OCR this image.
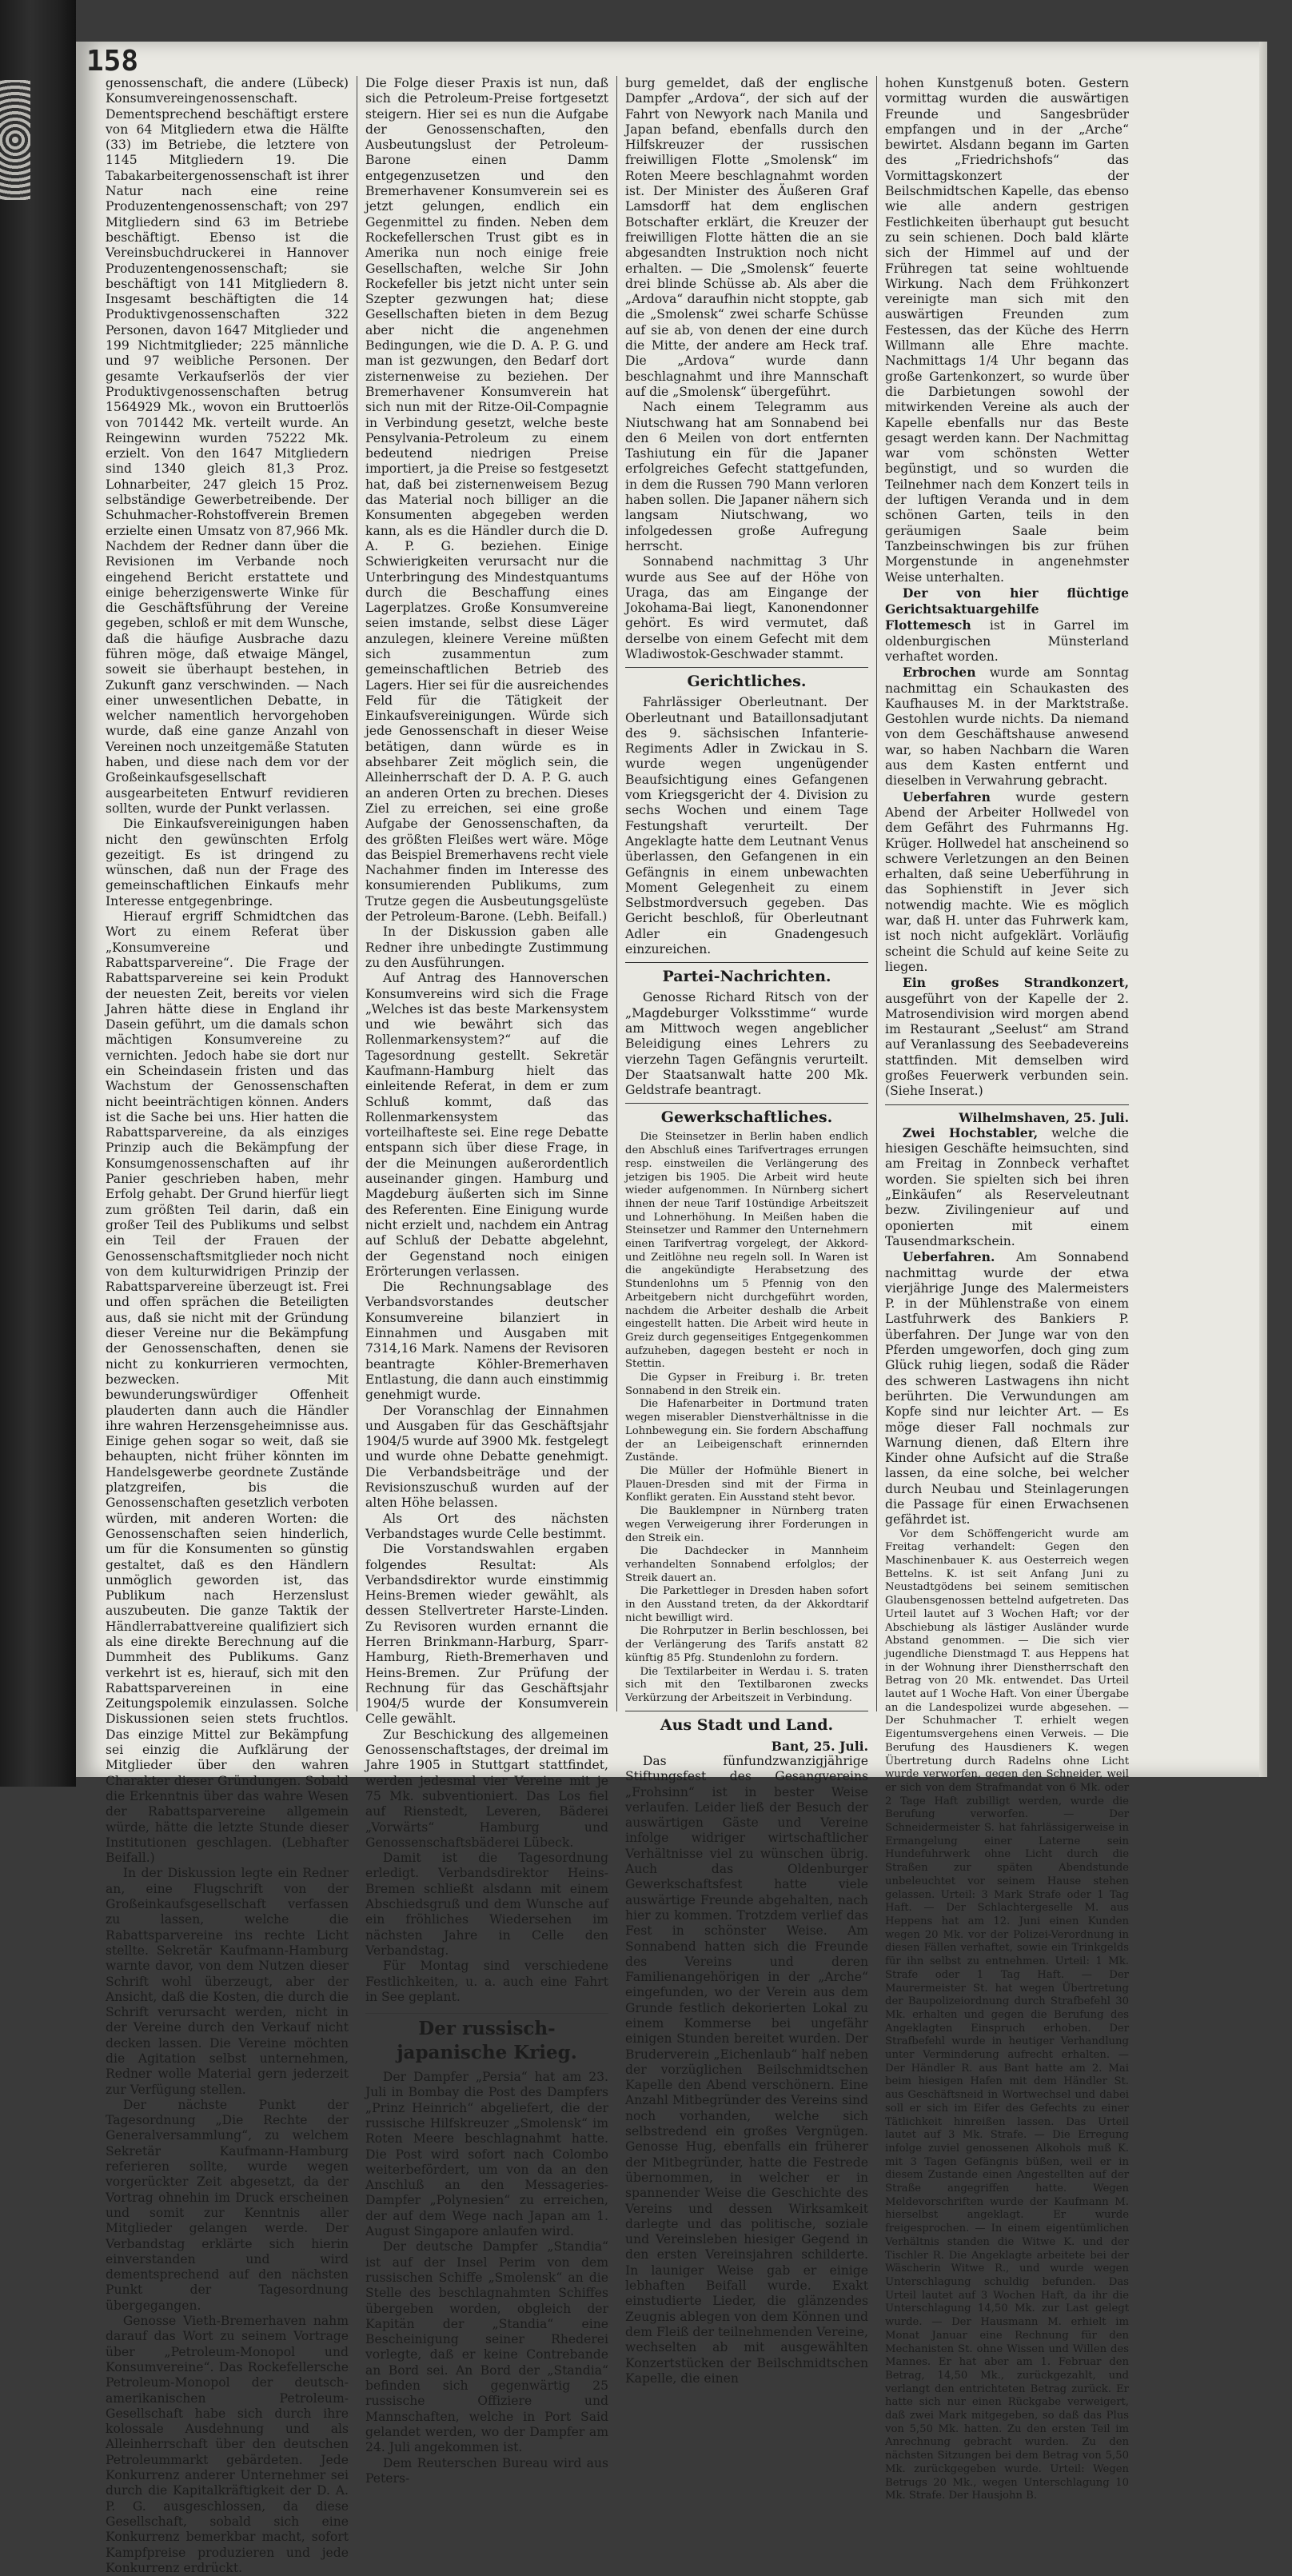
158

genossenschaft, die andere (Lübeck) Konsumvereingenossenschaft. Dementsprechend beschäftigt erstere von 64 Mitgliedern etwa die Hälfte (33) im Betriebe, die letztere von 1145 Mitgliedern 19. Die Tabakarbeitergenossenschaft ist ihrer Natur nach eine reine Produzentengenossenschaft; von 297 Mitgliedern sind 63 im Betriebe beschäftigt. Ebenso ist die Vereinsbuchdruckerei in Hannover Produzentengenossenschaft; sie beschäftigt von 141 Mitgliedern 8. Insgesamt beschäftigten die 14 Produktivgenossenschaften 322 Personen, davon 1647 Mitglieder und 199 Nichtmitglieder; 225 männliche und 97 weibliche Personen. Der gesamte Verkaufserlös der vier Produktivgenossenschaften betrug 1564929 Mk., wovon ein Bruttoerlös von 701442 Mk. verteilt wurde. An Reingewinn wurden 75222 Mk. erzielt. Von den 1647 Mitgliedern sind 1340 gleich 81,3 Proz. Lohnarbeiter, 247 gleich 15 Proz. selbständige Gewerbetreibende. Der Schuhmacher-Rohstoffverein Bremen erzielte einen Umsatz von 87,966 Mk. Nachdem der Redner dann über die Revisionen im Verbande noch eingehend Bericht erstattete und einige beherzigenswerte Winke für die Geschäftsführung der Vereine gegeben, schloß er mit dem Wunsche, daß die häufige Ausbrache dazu führen möge, daß etwaige Mängel, soweit sie überhaupt bestehen, in Zukunft ganz verschwinden. — Nach einer unwesentlichen Debatte, in welcher namentlich hervorgehoben wurde, daß eine ganze Anzahl von Vereinen noch unzeitgemäße Statuten haben, und diese nach dem vor der Großeinkaufsgesellschaft ausgearbeiteten Entwurf revidieren sollten, wurde der Punkt verlassen.

Die Einkaufsvereinigungen haben nicht den gewünschten Erfolg gezeitigt. Es ist dringend zu wünschen, daß nun der Frage des gemeinschaftlichen Einkaufs mehr Interesse entgegenbringe.

Hierauf ergriff Schmidtchen das Wort zu einem Referat über „Konsumvereine und Rabattsparvereine“. Die Frage der Rabattsparvereine sei kein Produkt der neuesten Zeit, bereits vor vielen Jahren hätte diese in England ihr Dasein geführt, um die damals schon mächtigen Konsumvereine zu vernichten. Jedoch habe sie dort nur ein Scheindasein fristen und das Wachstum der Genossenschaften nicht beeinträchtigen können. Anders ist die Sache bei uns. Hier hatten die Rabattsparvereine, da als einziges Prinzip auch die Bekämpfung der Konsumgenossenschaften auf ihr Panier geschrieben haben, mehr Erfolg gehabt. Der Grund hierfür liegt zum größten Teil darin, daß ein großer Teil des Publikums und selbst ein Teil der Frauen der Genossenschaftsmitglieder noch nicht von dem kulturwidrigen Prinzip der Rabattsparvereine überzeugt ist. Frei und offen sprächen die Beteiligten aus, daß sie nicht mit der Gründung dieser Vereine nur die Bekämpfung der Genossenschaften, denen sie nicht zu konkurrieren vermochten, bezwecken. Mit bewunderungswürdiger Offenheit plauderten dann auch die Händler ihre wahren Herzensgeheimnisse aus. Einige gehen sogar so weit, daß sie behaupten, nicht früher könnten im Handelsgewerbe geordnete Zustände platzgreifen, bis die Genossenschaften gesetzlich verboten würden, mit anderen Worten: die Genossenschaften seien hinderlich, um für die Konsumenten so günstig gestaltet, daß es den Händlern unmöglich geworden ist, das Publikum nach Herzenslust auszubeuten. Die ganze Taktik der Händlerrabattvereine qualifiziert sich als eine direkte Berechnung auf die Dummheit des Publikums. Ganz verkehrt ist es, hierauf, sich mit den Rabattsparvereinen in eine Zeitungspolemik einzulassen. Solche Diskussionen seien stets fruchtlos. Das einzige Mittel zur Bekämpfung sei einzig die Aufklärung der Mitglieder über den wahren Charakter dieser Gründungen. Sobald die Erkenntnis über das wahre Wesen der Rabattsparvereine allgemein würde, hätte die letzte Stunde dieser Institutionen geschlagen. (Lebhafter Beifall.)

In der Diskussion legte ein Redner an, eine Flugschrift von der Großeinkaufsgesellschaft verfassen zu lassen, welche die Rabattsparvereine ins rechte Licht stellte. Sekretär Kaufmann-Hamburg warnte davor, von dem Nutzen dieser Schrift wohl überzeugt, aber der Ansicht, daß die Kosten, die durch die Schrift verursacht werden, nicht in der Vereine durch den Verkauf nicht decken lassen. Die Vereine möchten die Agitation selbst unternehmen, Redner wolle Material gern jederzeit zur Verfügung stellen.

Der nächste Punkt der Tagesordnung „Die Rechte der Generalversammlung“, zu welchem Sekretär Kaufmann-Hamburg referieren sollte, wurde wegen vorgerückter Zeit abgesetzt, da der Vortrag ohnehin im Druck erscheinen und somit zur Kenntnis aller Mitglieder gelangen werde. Der Verbandstag erklärte sich hierin einverstanden und wird dementsprechend auf den nächsten Punkt der Tagesordnung übergegangen.

Genosse Vieth-Bremerhaven nahm darauf das Wort zu seinem Vortrage über „Petroleum-Monopol und Konsumvereine“. Das Rockefellersche Petroleum-Monopol der deutsch-amerikanischen Petroleum-Gesellschaft habe sich durch ihre kolossale Ausdehnung und als Alleinherrschaft über den deutschen Petroleummarkt gebärdeten. Jede Konkurrenz anderer Unternehmer sei durch die Kapitalkräftigkeit der D. A. P. G. ausgeschlossen, da diese Gesellschaft, sobald sich eine Konkurrenz bemerkbar macht, sofort Kampfpreise produzieren und jede Konkurrenz erdrückt.

Die Folge dieser Praxis ist nun, daß sich die Petroleum-Preise fortgesetzt steigern. Hier sei es nun die Aufgabe der Genossenschaften, den Ausbeutungslust der Petroleum-Barone einen Damm entgegenzusetzen und den Bremerhavener Konsumverein sei es jetzt gelungen, endlich ein Gegenmittel zu finden. Neben dem Rockefellerschen Trust gibt es in Amerika nun noch einige freie Gesellschaften, welche Sir John Rockefeller bis jetzt nicht unter sein Szepter gezwungen hat; diese Gesellschaften bieten in dem Bezug aber nicht die angenehmen Bedingungen, wie die D. A. P. G. und man ist gezwungen, den Bedarf dort zisternenweise zu beziehen. Der Bremerhavener Konsumverein hat sich nun mit der Ritze-Oil-Compagnie in Verbindung gesetzt, welche beste Pensylvania-Petroleum zu einem bedeutend niedrigen Preise importiert, ja die Preise so festgesetzt hat, daß bei zisternenweisem Bezug das Material noch billiger an die Konsumenten abgegeben werden kann, als es die Händler durch die D. A. P. G. beziehen. Einige Schwierigkeiten verursacht nur die Unterbringung des Mindestquantums durch die Beschaffung eines Lagerplatzes. Große Konsumvereine seien imstande, selbst diese Läger anzulegen, kleinere Vereine müßten sich zusammentun zum gemeinschaftlichen Betrieb des Lagers. Hier sei für die ausreichendes Feld für die Tätigkeit der Einkaufsvereinigungen. Würde sich jede Genossenschaft in dieser Weise betätigen, dann würde es in absehbarer Zeit möglich sein, die Alleinherrschaft der D. A. P. G. auch an anderen Orten zu brechen. Dieses Ziel zu erreichen, sei eine große Aufgabe der Genossenschaften, da des größten Fleißes wert wäre. Möge das Beispiel Bremerhavens recht viele Nachahmer finden im Interesse des konsumierenden Publikums, zum Trutze gegen die Ausbeutungsgelüste der Petroleum-Barone. (Lebh. Beifall.)

In der Diskussion gaben alle Redner ihre unbedingte Zustimmung zu den Ausführungen.

Auf Antrag des Hannoverschen Konsumvereins wird sich die Frage „Welches ist das beste Markensystem und wie bewährt sich das Rollenmarkensystem?“ auf die Tagesordnung gestellt. Sekretär Kaufmann-Hamburg hielt das einleitende Referat, in dem er zum Schluß kommt, daß das Rollenmarkensystem das vorteilhafteste sei. Eine rege Debatte entspann sich über diese Frage, in der die Meinungen außerordentlich auseinander gingen. Hamburg und Magdeburg äußerten sich im Sinne des Referenten. Eine Einigung wurde nicht erzielt und, nachdem ein Antrag auf Schluß der Debatte abgelehnt, der Gegenstand noch einigen Erörterungen verlassen.

Die Rechnungsablage des Verbandsvorstandes deutscher Konsumvereine bilanziert in Einnahmen und Ausgaben mit 7314,16 Mark. Namens der Revisoren beantragte Köhler-Bremerhaven Entlastung, die dann auch einstimmig genehmigt wurde.

Der Voranschlag der Einnahmen und Ausgaben für das Geschäftsjahr 1904/5 wurde auf 3900 Mk. festgelegt und wurde ohne Debatte genehmigt. Die Verbandsbeiträge und der Revisionszuschuß wurden auf der alten Höhe belassen.

Als Ort des nächsten Verbandstages wurde Celle bestimmt.

Die Vorstandswahlen ergaben folgendes Resultat: Als Verbandsdirektor wurde einstimmig Heins-Bremen wieder gewählt, als dessen Stellvertreter Harste-Linden. Zu Revisoren wurden ernannt die Herren Brinkmann-Harburg, Sparr-Hamburg, Rieth-Bremerhaven und Heins-Bremen. Zur Prüfung der Rechnung für das Geschäftsjahr 1904/5 wurde der Konsumverein Celle gewählt.

Zur Beschickung des allgemeinen Genossenschaftstages, der dreimal im Jahre 1905 in Stuttgart stattfindet, werden jedesmal vier Vereine mit je 75 Mk. subventioniert. Das Los fiel auf Rienstedt, Leveren, Bäderei „Vorwärts“ Hamburg und Genossenschaftsbäderei Lübeck.

Damit ist die Tagesordnung erledigt. Verbandsdirektor Heins-Bremen schließt alsdann mit einem Abschiedsgruß und dem Wunsche auf ein fröhliches Wiedersehen im nächsten Jahre in Celle den Verbandstag.

Für Montag sind verschiedene Festlichkeiten, u. a. auch eine Fahrt in See geplant.

Der russisch-japanische Krieg.

Der Dampfer „Persia“ hat am 23. Juli in Bombay die Post des Dampfers „Prinz Heinrich“ abgeliefert, die der russische Hilfskreuzer „Smolensk“ im Roten Meere beschlagnahmt hatte. Die Post wird sofort nach Colombo weiterbefördert, um von da an den Anschluß an den Messageries-Dampfer „Polynesien“ zu erreichen, der auf dem Wege nach Japan am 1. August Singapore anlaufen wird.

Der deutsche Dampfer „Standia“ ist auf der Insel Perim von dem russischen Schiffe „Smolensk“ an die Stelle des beschlagnahmten Schiffes übergeben worden, obgleich der Kapitän der „Standia“ eine Bescheinigung seiner Rhederei vorlegte, daß er keine Contrebande an Bord sei. An Bord der „Standia“ befinden sich gegenwärtig 25 russische Offiziere und Mannschaften, welche in Port Said gelandet werden, wo der Dampfer am 24. Juli angekommen ist.

Dem Reuterschen Bureau wird aus Peters-

burg gemeldet, daß der englische Dampfer „Ardova“, der sich auf der Fahrt von Newyork nach Manila und Japan befand, ebenfalls durch den Hilfskreuzer der russischen freiwilligen Flotte „Smolensk“ im Roten Meere beschlagnahmt worden ist. Der Minister des Äußeren Graf Lamsdorff hat dem englischen Botschafter erklärt, die Kreuzer der freiwilligen Flotte hätten die an sie abgesandten Instruktion noch nicht erhalten. — Die „Smolensk“ feuerte drei blinde Schüsse ab. Als aber die „Ardova“ daraufhin nicht stoppte, gab die „Smolensk“ zwei scharfe Schüsse auf sie ab, von denen der eine durch die Mitte, der andere am Heck traf. Die „Ardova“ wurde dann beschlagnahmt und ihre Mannschaft auf die „Smolensk“ übergeführt.

Nach einem Telegramm aus Niutschwang hat am Sonnabend bei den 6 Meilen von dort entfernten Tashiutung ein für die Japaner erfolgreiches Gefecht stattgefunden, in dem die Russen 790 Mann verloren haben sollen. Die Japaner nähern sich langsam Niutschwang, wo infolgedessen große Aufregung herrscht.

Sonnabend nachmittag 3 Uhr wurde aus See auf der Höhe von Uraga, das am Eingange der Jokohama-Bai liegt, Kanonendonner gehört. Es wird vermutet, daß derselbe von einem Gefecht mit dem Wladiwostok-Geschwader stammt.

Gerichtliches.

Fahrlässiger Oberleutnant. Der Oberleutnant und Bataillonsadjutant des 9. sächsischen Infanterie-Regiments Adler in Zwickau in S. wurde wegen ungenügender Beaufsichtigung eines Gefangenen vom Kriegsgericht der 4. Division zu sechs Wochen und einem Tage Festungshaft verurteilt. Der Angeklagte hatte dem Leutnant Venus überlassen, den Gefangenen in ein Gefängnis in einem unbewachten Moment Gelegenheit zu einem Selbstmordversuch gegeben. Das Gericht beschloß, für Oberleutnant Adler ein Gnadengesuch einzureichen.

Partei-Nachrichten.

Genosse Richard Ritsch von der „Magdeburger Volksstimme“ wurde am Mittwoch wegen angeblicher Beleidigung eines Lehrers zu vierzehn Tagen Gefängnis verurteilt. Der Staatsanwalt hatte 200 Mk. Geldstrafe beantragt.

Gewerkschaftliches.

Die Steinsetzer in Berlin haben endlich den Abschluß eines Tarifvertrages errungen resp. einstweilen die Verlängerung des jetzigen bis 1905. Die Arbeit wird heute wieder aufgenommen. In Nürnberg sichert ihnen der neue Tarif 10stündige Arbeitszeit und Lohnerhöhung. In Meißen haben die Steinsetzer und Rammer den Unternehmern einen Tarifvertrag vorgelegt, der Akkord- und Zeitlöhne neu regeln soll. In Waren ist die angekündigte Herabsetzung des Stundenlohns um 5 Pfennig von den Arbeitgebern nicht durchgeführt worden, nachdem die Arbeiter deshalb die Arbeit eingestellt hatten. Die Arbeit wird heute in Greiz durch gegenseitiges Entgegenkommen aufzuheben, dagegen besteht er noch in Stettin.

Die Gypser in Freiburg i. Br. treten Sonnabend in den Streik ein.

Die Hafenarbeiter in Dortmund traten wegen miserabler Dienstverhältnisse in die Lohnbewegung ein. Sie fordern Abschaffung der an Leibeigenschaft erinnernden Zustände.

Die Müller der Hofmühle Bienert in Plauen-Dresden sind mit der Firma in Konflikt geraten. Ein Ausstand steht bevor.

Die Bauklempner in Nürnberg traten wegen Verweigerung ihrer Forderungen in den Streik ein.

Die Dachdecker in Mannheim verhandelten Sonnabend erfolglos; der Streik dauert an.

Die Parkettleger in Dresden haben sofort in den Ausstand treten, da der Akkordtarif nicht bewilligt wird.

Die Rohrputzer in Berlin beschlossen, bei der Verlängerung des Tarifs anstatt 82 künftig 85 Pfg. Stundenlohn zu fordern.

Die Textilarbeiter in Werdau i. S. traten sich mit den Textilbaronen zwecks Verkürzung der Arbeitszeit in Verbindung.

Aus Stadt und Land.
Bant, 25. Juli.

Das fünfundzwanzigjährige Stiftungsfest des Gesangvereins „Frohsinn“ ist in bester Weise verlaufen. Leider ließ der Besuch der auswärtigen Gäste und Vereine infolge widriger wirtschaftlicher Verhältnisse viel zu wünschen übrig. Auch das Oldenburger Gewerkschaftsfest hatte viele auswärtige Freunde abgehalten, nach hier zu kommen. Trotzdem verlief das Fest in schönster Weise. Am Sonnabend hatten sich die Freunde des Vereins und deren Familienangehörigen in der „Arche“ eingefunden, wo der Verein aus dem Grunde festlich dekorierten Lokal zu einem Kommerse bei ungefähr einigen Stunden bereitet wurden. Der Bruderverein „Eichenlaub“ half neben der vorzüglichen Beilschmidtschen Kapelle den Abend verschönern. Eine Anzahl Mitbegründer des Vereins sind noch vorhanden, welche sich selbstredend ein großes Vergnügen. Genosse Hug, ebenfalls ein früherer der Mitbegründer, hatte die Festrede übernommen, in welcher er in spannender Weise die Geschichte des Vereins und dessen Wirksamkeit darlegte und das politische, soziale und Vereinsleben hiesiger Gegend in den ersten Vereinsjahren schilderte. In launiger Weise gab er einige lebhaften Beifall wurde. Exakt einstudierte Lieder, die glänzendes Zeugnis ablegen von dem Können und dem Fleiß der teilnehmenden Vereine, wechselten ab mit ausgewählten Konzertstücken der Beilschmidtschen Kapelle, die einen

hohen Kunstgenuß boten. Gestern vormittag wurden die auswärtigen Freunde und Sangesbrüder empfangen und in der „Arche“ bewirtet. Alsdann begann im Garten des „Friedrichshofs“ das Vormittagskonzert der Beilschmidtschen Kapelle, das ebenso wie alle andern gestrigen Festlichkeiten überhaupt gut besucht zu sein schienen. Doch bald klärte sich der Himmel auf und der Frühregen tat seine wohltuende Wirkung. Nach dem Frühkonzert vereinigte man sich mit den auswärtigen Freunden zum Festessen, das der Küche des Herrn Willmann alle Ehre machte. Nachmittags 1/4 Uhr begann das große Gartenkonzert, so wurde über die Darbietungen sowohl der mitwirkenden Vereine als auch der Kapelle ebenfalls nur das Beste gesagt werden kann. Der Nachmittag war vom schönsten Wetter begünstigt, und so wurden die Teilnehmer nach dem Konzert teils in der luftigen Veranda und in dem schönen Garten, teils in den geräumigen Saale beim Tanzbeinschwingen bis zur frühen Morgenstunde in angenehmster Weise unterhalten.

Der von hier flüchtige Gerichtsaktuargehilfe Flottemesch ist in Garrel im oldenburgischen Münsterland verhaftet worden.

Erbrochen wurde am Sonntag nachmittag ein Schaukasten des Kaufhauses M. in der Marktstraße. Gestohlen wurde nichts. Da niemand von dem Geschäftshause anwesend war, so haben Nachbarn die Waren aus dem Kasten entfernt und dieselben in Verwahrung gebracht.

Ueberfahren wurde gestern Abend der Arbeiter Hollwedel von dem Gefährt des Fuhrmanns Hg. Krüger. Hollwedel hat anscheinend so schwere Verletzungen an den Beinen erhalten, daß seine Ueberführung in das Sophienstift in Jever sich notwendig machte. Wie es möglich war, daß H. unter das Fuhrwerk kam, ist noch nicht aufgeklärt. Vorläufig scheint die Schuld auf keine Seite zu liegen.

Ein großes Strandkonzert, ausgeführt von der Kapelle der 2. Matrosendivision wird morgen abend im Restaurant „Seelust“ am Strand auf Veranlassung des Seebadevereins stattfinden. Mit demselben wird großes Feuerwerk verbunden sein. (Siehe Inserat.)

Wilhelmshaven, 25. Juli.

Zwei Hochstabler, welche die hiesigen Geschäfte heimsuchten, sind am Freitag in Zonnbeck verhaftet worden. Sie spielten sich bei ihren „Einkäufen“ als Reserveleutnant bezw. Zivilingenieur auf und oponierten mit einem Tausendmarkschein.

Ueberfahren. Am Sonnabend nachmittag wurde der etwa vierjährige Junge des Malermeisters P. in der Mühlenstraße von einem Lastfuhrwerk des Bankiers P. überfahren. Der Junge war von den Pferden umgeworfen, doch ging zum Glück ruhig liegen, sodaß die Räder des schweren Lastwagens ihn nicht berührten. Die Verwundungen am Kopfe sind nur leichter Art. — Es möge dieser Fall nochmals zur Warnung dienen, daß Eltern ihre Kinder ohne Aufsicht auf die Straße lassen, da eine solche, bei welcher durch Neubau und Steinlagerungen die Passage für einen Erwachsenen gefährdet ist.

Vor dem Schöffengericht wurde am Freitag verhandelt: Gegen den Maschinenbauer K. aus Oesterreich wegen Bettelns. K. ist seit Anfang Juni zu Neustadtgödens bei seinem semitischen Glaubensgenossen bettelnd aufgetreten. Das Urteil lautet auf 3 Wochen Haft; vor der Abschiebung als lästiger Ausländer wurde Abstand genommen. — Die sich vier jugendliche Dienstmagd T. aus Heppens hat in der Wohnung ihrer Dienstherrschaft den Betrag von 20 Mk. entwendet. Das Urteil lautet auf 1 Woche Haft. Von einer Übergabe an die Landespolizei wurde abgesehen. — Der Schuhmacher T. erhielt wegen Eigentumsvergehens einen Verweis. — Die Berufung des Hausdieners K. wegen Übertretung durch Radelns ohne Licht wurde verworfen, gegen den Schneider, weil er sich von dem Strafmandat von 6 Mk. oder 2 Tage Haft zubilligt werden, wurde die Berufung verworfen. — Der Schneidermeister S. hat fahrlässigerweise in Ermangelung einer Laterne sein Hundefuhrwerk ohne Licht durch die Straßen zur späten Abendstunde unbeleuchtet vor seinem Hause stehen gelassen. Urteil: 3 Mark Strafe oder 1 Tag Haft. — Der Schlachtergeselle M. aus Heppens hat am 12. Juni einen Kunden wegen 20 Mk. vor der Polizei-Verordnung in diesen Fällen verhaftet, sowie ein Trinkgelds für ihn selbst zu entnehmen. Urteil: 1 Mk. Strafe oder 1 Tag Haft. — Der Maurermeister St. hat wegen Übertretung der Baupolizeiordnung durch Strafbefehl 30 Mk. erhalten und gegen die Berufung des Angeklagten Einspruch erhoben. Der Strafbefehl wurde in heutiger Verhandlung unter Verminderung aufrecht erhalten. — Der Händler R. aus Bant hatte am 2. Mai beim hiesigen Hafen mit dem Händler St. aus Geschäftsneid in Wortwechsel und dabei soll er sich im Eifer des Gefechts zu einer Tätlichkeit hinreißen lassen. Das Urteil lautet auf 3 Mk. Strafe. — Die Erregung infolge zuviel genossenen Alkohols muß K. mit 3 Tagen Gefängnis büßen, weil er in diesem Zustande einen Angestellten auf der Straße angegriffen hatte. Wegen Meldevorschriften wurde der Kaufmann M. hierselbst angeklagt. Er wurde freigesprochen. — In einem eigentümlichen Verhältnis standen die Witwe K. und der Tischler R. Die Angeklagte arbeitete bei der Wäscherin Witwe R., und wurde wegen Unterschlagung schuldig befunden. Das Urteil lautet auf 3 Wochen Haft, da ihr die Unterschlagung 14,50 Mk. zur Last gelegt wurde. — Der Hausmann M. erhielt im Monat Januar eine Rechnung für den Mechanisten St. ohne Wissen und Willen des Mannes. Er hat aber am 1. Februar den Betrag, 14,50 Mk., zurückgezahlt, und verlangt den entrichteten Betrag zurück. Er hatte sich nur einen Rückgabe verweigert, daß zwei Mark mitgegeben, so daß das Plus von 5,50 Mk. hatten. Zu den ersten Teil im Anrechnung gebracht wurden. Zu den nächsten Sitzungen bei dem Betrag von 5,50 Mk. zurückgegeben wurde. Urteil: Wegen Betrugs 20 Mk., wegen Unterschlagung 10 Mk. Strafe. Der Hausjohn B.
